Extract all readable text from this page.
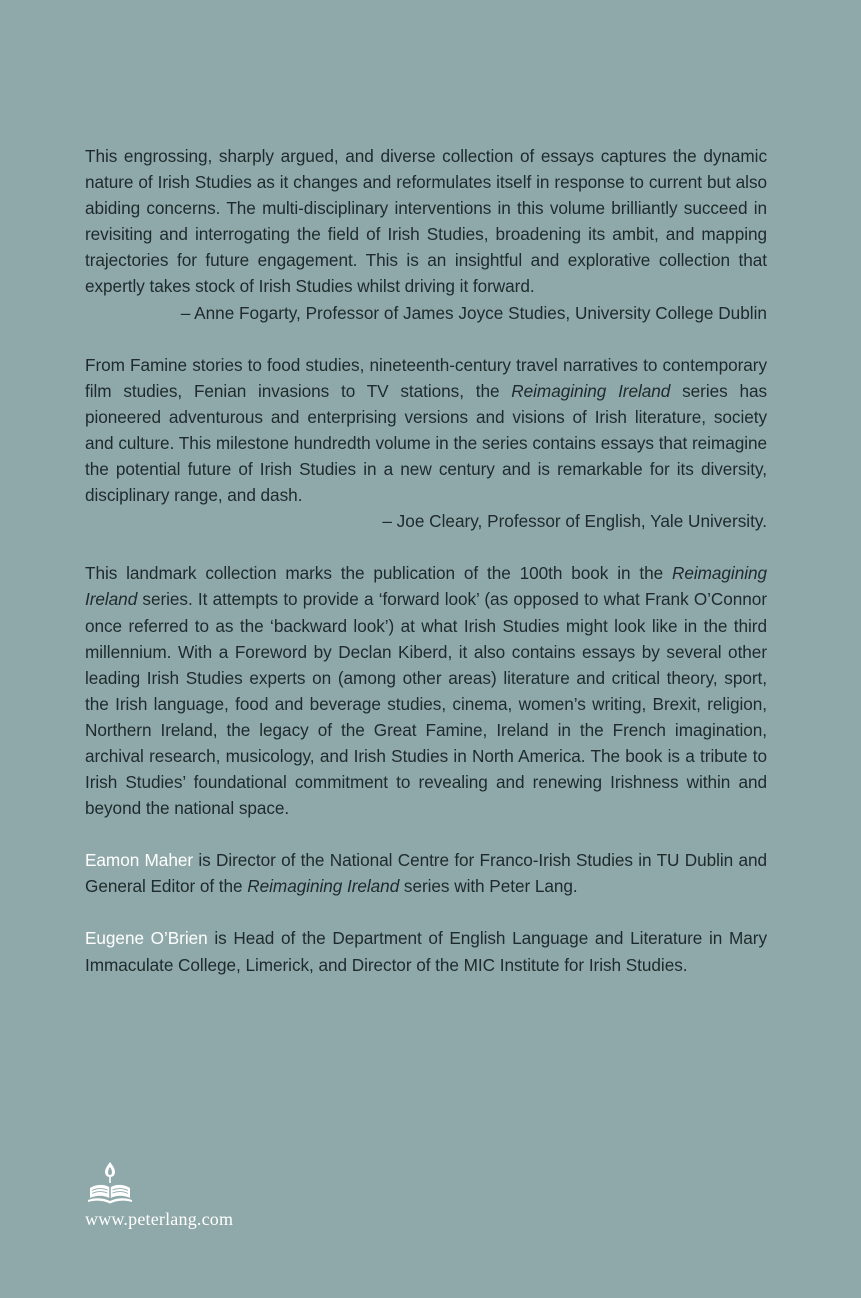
This engrossing, sharply argued, and diverse collection of essays captures the dynamic nature of Irish Studies as it changes and reformulates itself in response to current but also abiding concerns. The multi-disciplinary interventions in this volume brilliantly succeed in revisiting and interrogating the field of Irish Studies, broadening its ambit, and mapping trajectories for future engagement. This is an insightful and explorative collection that expertly takes stock of Irish Studies whilst driving it forward.

– Anne Fogarty, Professor of James Joyce Studies, University College Dublin

From Famine stories to food studies, nineteenth-century travel narratives to contemporary film studies, Fenian invasions to TV stations, the Reimagining Ireland series has pioneered adventurous and enterprising versions and visions of Irish literature, society and culture. This milestone hundredth volume in the series contains essays that reimagine the potential future of Irish Studies in a new century and is remarkable for its diversity, disciplinary range, and dash.

– Joe Cleary, Professor of English, Yale University.

This landmark collection marks the publication of the 100th book in the Reimagining Ireland series. It attempts to provide a ‘forward look’ (as opposed to what Frank O’Connor once referred to as the ‘backward look’) at what Irish Studies might look like in the third millennium. With a Foreword by Declan Kiberd, it also contains essays by several other leading Irish Studies experts on (among other areas) literature and critical theory, sport, the Irish language, food and beverage studies, cinema, women’s writing, Brexit, religion, Northern Ireland, the legacy of the Great Famine, Ireland in the French imagination, archival research, musicology, and Irish Studies in North America. The book is a tribute to Irish Studies’ foundational commitment to revealing and renewing Irishness within and beyond the national space.

Eamon Maher is Director of the National Centre for Franco-Irish Studies in TU Dublin and General Editor of the Reimagining Ireland series with Peter Lang.

Eugene O’Brien is Head of the Department of English Language and Literature in Mary Immaculate College, Limerick, and Director of the MIC Institute for Irish Studies.

www.peterlang.com
